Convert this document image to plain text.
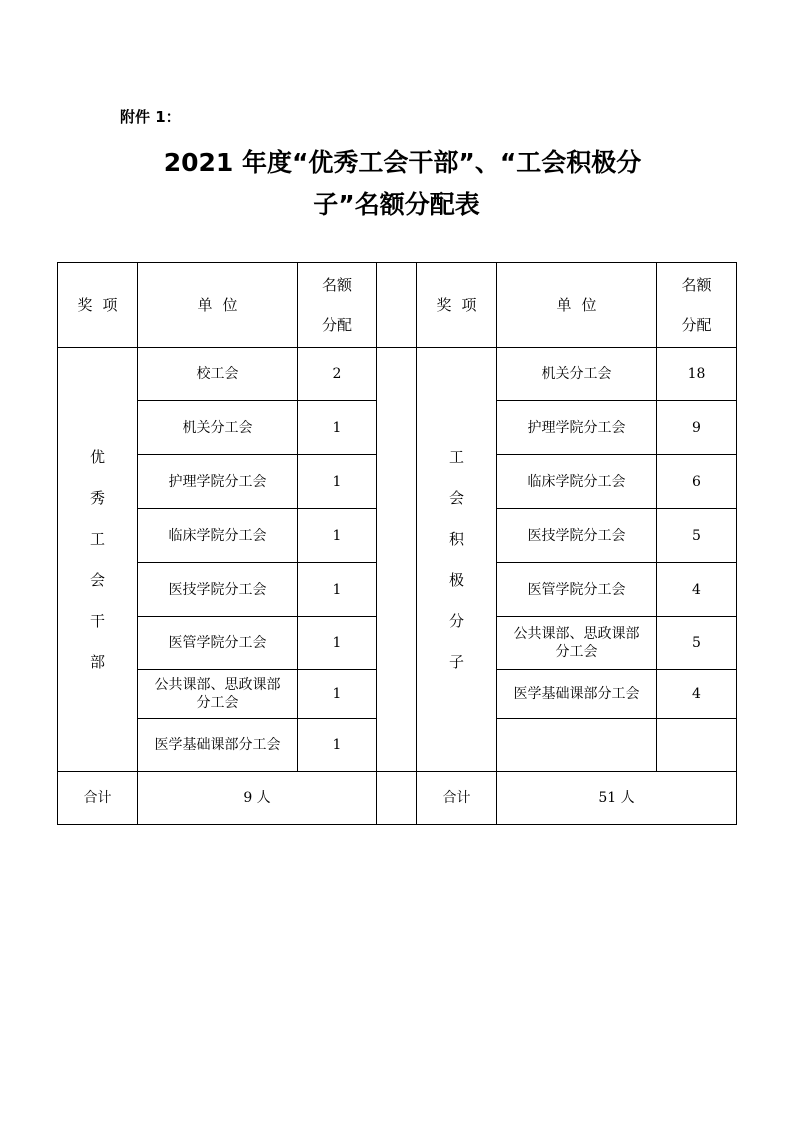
附件 1：
2021 年度“优秀工会干部”、“工会积极分
子”名额分配表
奖项	单位
名额
分配
优
秀
工
会
干
部
校工会	2
机关分工会	1
护理学院分工会	1
临床学院分工会	1
医技学院分工会	1
医管学院分工会	1
公共课部、思政课部
分工会
1
医学基础课部分工会	1
合计	9 人
奖项	单位
名额
分配
工
会
积
极
分
子
机关分工会	18
护理学院分工会	9
临床学院分工会	6
医技学院分工会	5
医管学院分工会	4
公共课部、思政课部
分工会
5
医学基础课部分工会	4
合计	51 人
